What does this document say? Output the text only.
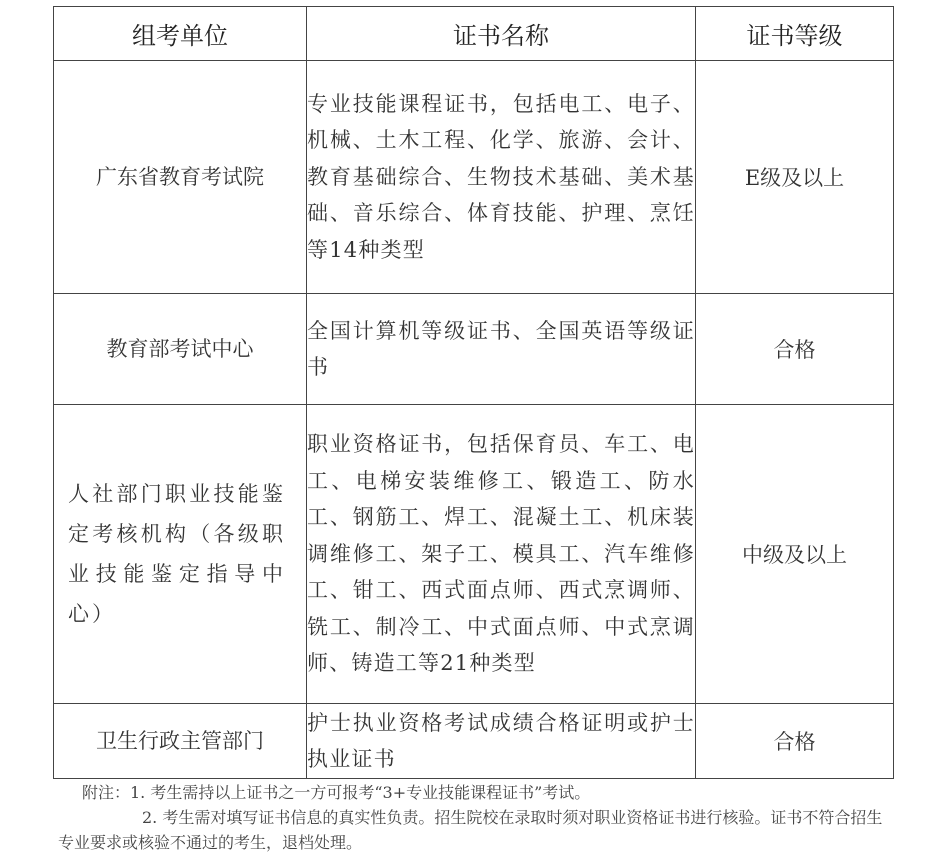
组考单位	证书名称	证书等级
广东省教育考试院	专业技能课程证书，包括电工、电子、机械、土木工程、化学、旅游、会计、教育基础综合、生物技术基础、美术基础、音乐综合、体育技能、护理、烹饪等14种类型	E级及以上
教育部考试中心	全国计算机等级证书、全国英语等级证书	合格
人社部门职业技能鉴定考核机构（各级职业技能鉴定指导中心）	职业资格证书，包括保育员、车工、电工、电梯安装维修工、锻造工、防水工、钢筋工、焊工、混凝土工、机床装调维修工、架子工、模具工、汽车维修工、钳工、西式面点师、西式烹调师、铣工、制冷工、中式面点师、中式烹调师、铸造工等21种类型	中级及以上
卫生行政主管部门	护士执业资格考试成绩合格证明或护士执业证书	合格
附注：1. 考生需持以上证书之一方可报考“3+专业技能课程证书”考试。
2. 考生需对填写证书信息的真实性负责。招生院校在录取时须对职业资格证书进行核验。证书不符合招生专业要求或核验不通过的考生，退档处理。
